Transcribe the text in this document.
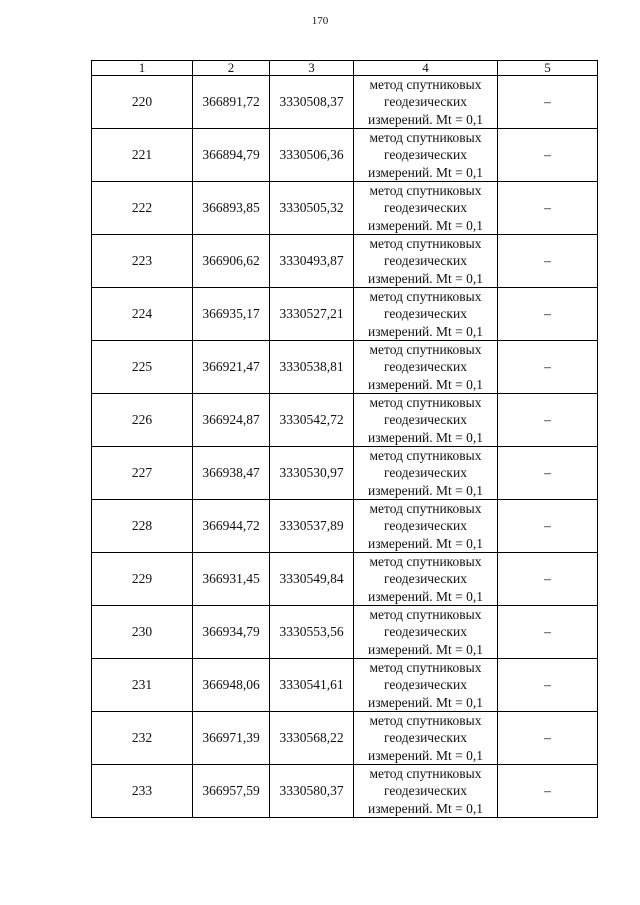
170
1	2	3	4	5
220	366891,72	3330508,37	метод спутниковых
геодезических
измерений. Mt = 0,1	–
221	366894,79	3330506,36	метод спутниковых
геодезических
измерений. Mt = 0,1	–
222	366893,85	3330505,32	метод спутниковых
геодезических
измерений. Mt = 0,1	–
223	366906,62	3330493,87	метод спутниковых
геодезических
измерений. Mt = 0,1	–
224	366935,17	3330527,21	метод спутниковых
геодезических
измерений. Mt = 0,1	–
225	366921,47	3330538,81	метод спутниковых
геодезических
измерений. Mt = 0,1	–
226	366924,87	3330542,72	метод спутниковых
геодезических
измерений. Mt = 0,1	–
227	366938,47	3330530,97	метод спутниковых
геодезических
измерений. Mt = 0,1	–
228	366944,72	3330537,89	метод спутниковых
геодезических
измерений. Mt = 0,1	–
229	366931,45	3330549,84	метод спутниковых
геодезических
измерений. Mt = 0,1	–
230	366934,79	3330553,56	метод спутниковых
геодезических
измерений. Mt = 0,1	–
231	366948,06	3330541,61	метод спутниковых
геодезических
измерений. Mt = 0,1	–
232	366971,39	3330568,22	метод спутниковых
геодезических
измерений. Mt = 0,1	–
233	366957,59	3330580,37	метод спутниковых
геодезических
измерений. Mt = 0,1	–
